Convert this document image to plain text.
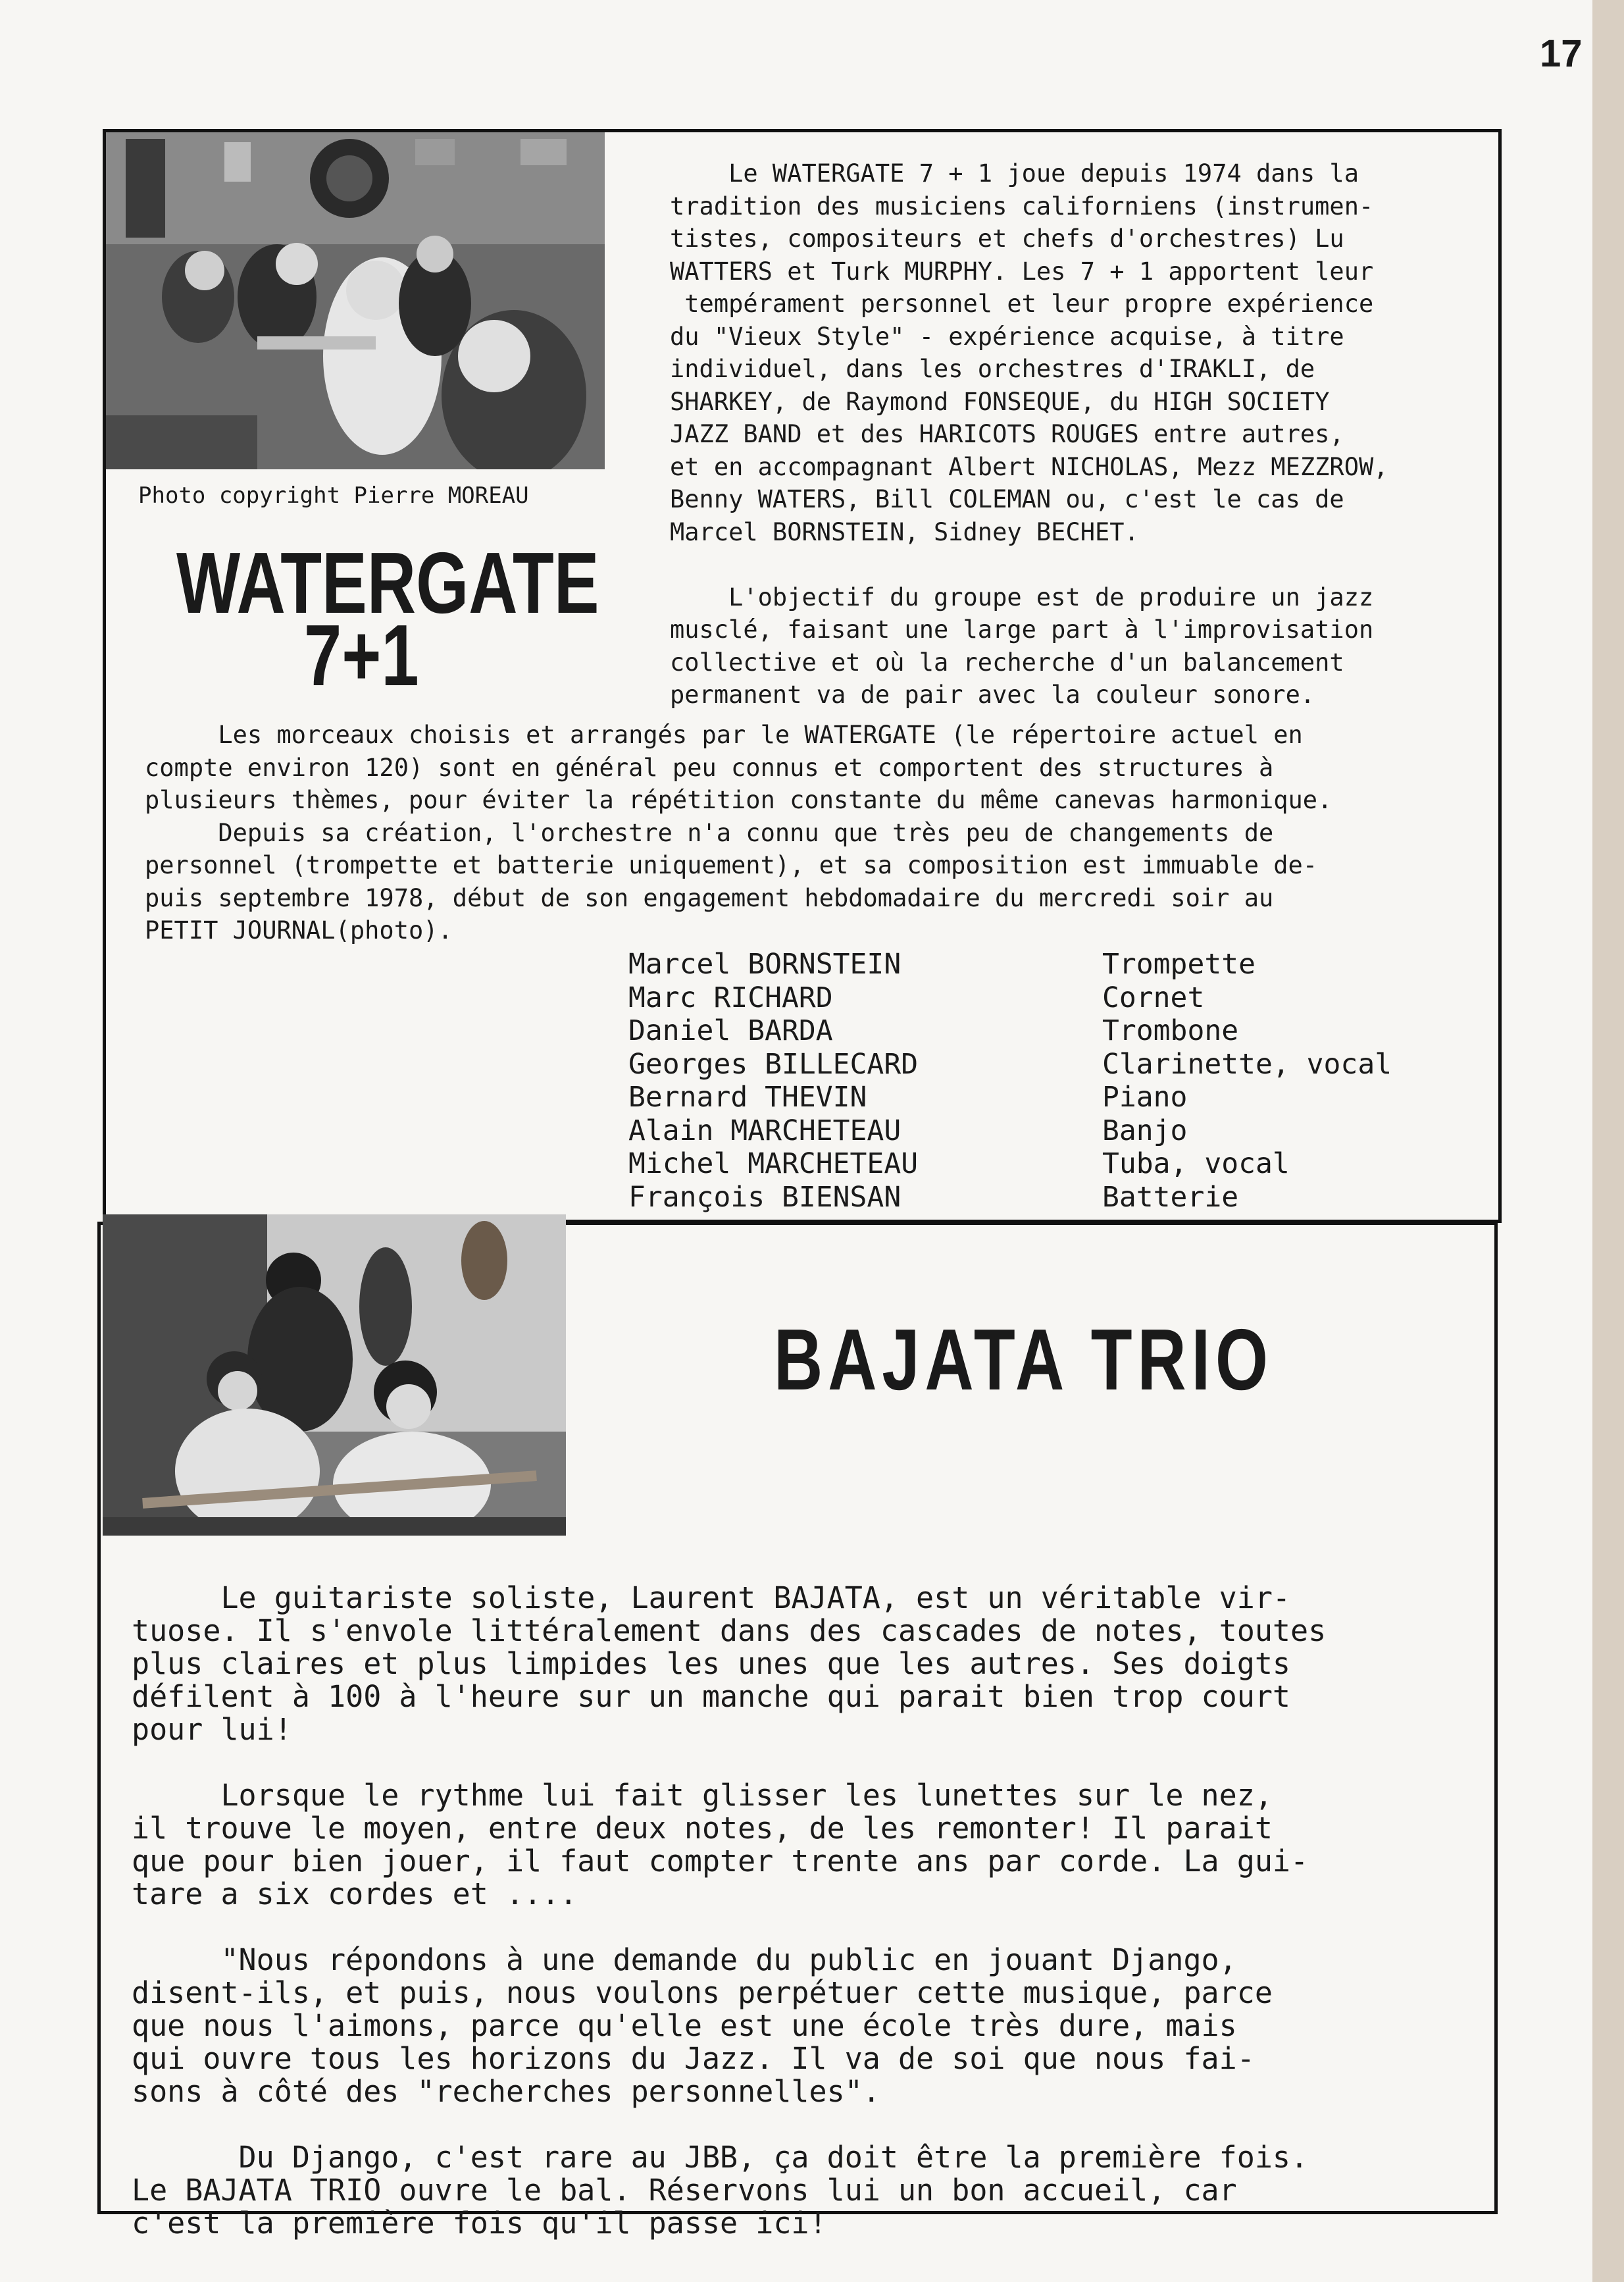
17
Photo copyright Pierre MOREAU
WATERGATE
7+1
Le WATERGATE 7 + 1 joue depuis 1974 dans la
tradition des musiciens californiens (instrumen-
tistes, compositeurs et chefs d'orchestres) Lu
WATTERS et Turk MURPHY. Les 7 + 1 apportent leur
tempérament personnel et leur propre expérience
du "Vieux Style" - expérience acquise, à titre
individuel, dans les orchestres d'IRAKLI, de
SHARKEY, de Raymond FONSEQUE, du HIGH SOCIETY
JAZZ BAND et des HARICOTS ROUGES entre autres,
et en accompagnant Albert NICHOLAS, Mezz MEZZROW,
Benny WATERS, Bill COLEMAN ou, c'est le cas de
Marcel BORNSTEIN, Sidney BECHET.
L'objectif du groupe est de produire un jazz
musclé, faisant une large part à l'improvisation
collective et où la recherche d'un balancement
permanent va de pair avec la couleur sonore.
Les morceaux choisis et arrangés par le WATERGATE (le répertoire actuel en
compte environ 120) sont en général peu connus et comportent des structures à
plusieurs thèmes, pour éviter la répétition constante du même canevas harmonique.
Depuis sa création, l'orchestre n'a connu que très peu de changements de
personnel (trompette et batterie uniquement), et sa composition est immuable de-
puis septembre 1978, début de son engagement hebdomadaire du mercredi soir au
PETIT JOURNAL(photo).
Marcel BORNSTEIN	Trompette
Marc RICHARD	Cornet
Daniel BARDA	Trombone
Georges BILLECARD	Clarinette, vocal
Bernard THEVIN	Piano
Alain MARCHETEAU	Banjo
Michel MARCHETEAU	Tuba, vocal
François BIENSAN	Batterie
BAJATA TRIO
Le guitariste soliste, Laurent BAJATA, est un véritable vir-
tuose. Il s'envole littéralement dans des cascades de notes, toutes
plus claires et plus limpides les unes que les autres. Ses doigts
défilent à 100 à l'heure sur un manche qui parait bien trop court
pour lui!
Lorsque le rythme lui fait glisser les lunettes sur le nez,
il trouve le moyen, entre deux notes, de les remonter! Il parait
que pour bien jouer, il faut compter trente ans par corde. La gui-
tare a six cordes et ....
"Nous répondons à une demande du public en jouant Django,
disent-ils, et puis, nous voulons perpétuer cette musique, parce
que nous l'aimons, parce qu'elle est une école très dure, mais
qui ouvre tous les horizons du Jazz. Il va de soi que nous fai-
sons à côté des "recherches personnelles".
Du Django, c'est rare au JBB, ça doit être la première fois.
Le BAJATA TRIO ouvre le bal. Réservons lui un bon accueil, car
c'est la première fois qu'il passe ici!
